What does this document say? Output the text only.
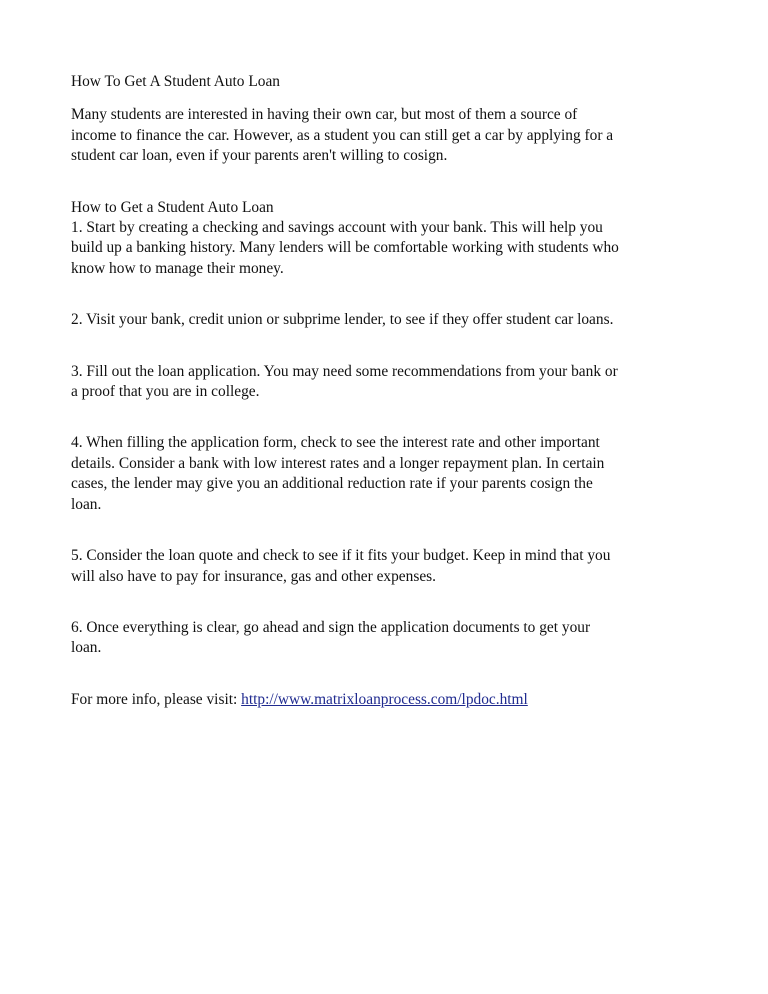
How To Get A Student Auto Loan

Many students are interested in having their own car, but most of them a source of

income to finance the car. However, as a student you can still get a car by applying for a

student car loan, even if your parents aren't willing to cosign.

How to Get a Student Auto Loan

1. Start by creating a checking and savings account with your bank. This will help you

build up a banking history. Many lenders will be comfortable working with students who

know how to manage their money.

2. Visit your bank, credit union or subprime lender, to see if they offer student car loans.

3. Fill out the loan application. You may need some recommendations from your bank or

a proof that you are in college.

4. When filling the application form, check to see the interest rate and other important

details. Consider a bank with low interest rates and a longer repayment plan. In certain

cases, the lender may give you an additional reduction rate if your parents cosign the

loan.

5. Consider the loan quote and check to see if it fits your budget. Keep in mind that you

will also have to pay for insurance, gas and other expenses.

6. Once everything is clear, go ahead and sign the application documents to get your

loan.

For more info, please visit: http://www.matrixloanprocess.com/lpdoc.html
